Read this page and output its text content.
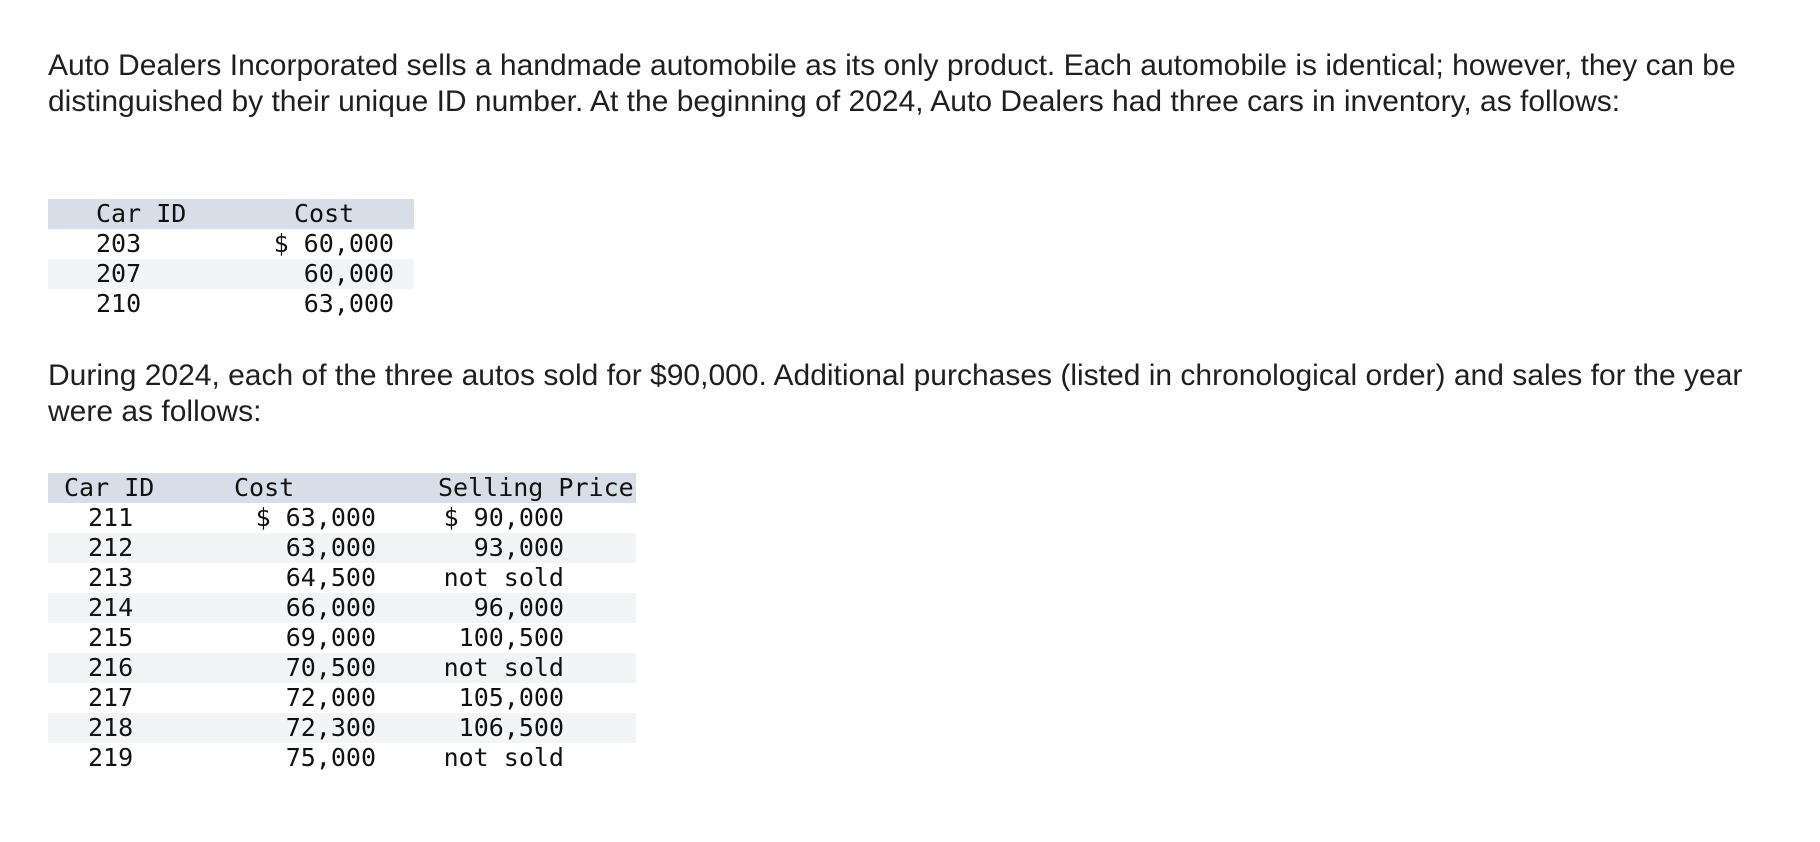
Auto Dealers Incorporated sells a handmade automobile as its only product. Each automobile is identical; however, they can be distinguished by their unique ID number. At the beginning of 2024, Auto Dealers had three cars in inventory, as follows:

Car ID	Cost
203	$ 60,000
207	60,000
210	63,000

During 2024, each of the three autos sold for $90,000. Additional purchases (listed in chronological order) and sales for the year were as follows:

Car ID	Cost	Selling Price
211	$ 63,000	$ 90,000
212	63,000	93,000
213	64,500	not sold
214	66,000	96,000
215	69,000	100,500
216	70,500	not sold
217	72,000	105,000
218	72,300	106,500
219	75,000	not sold
